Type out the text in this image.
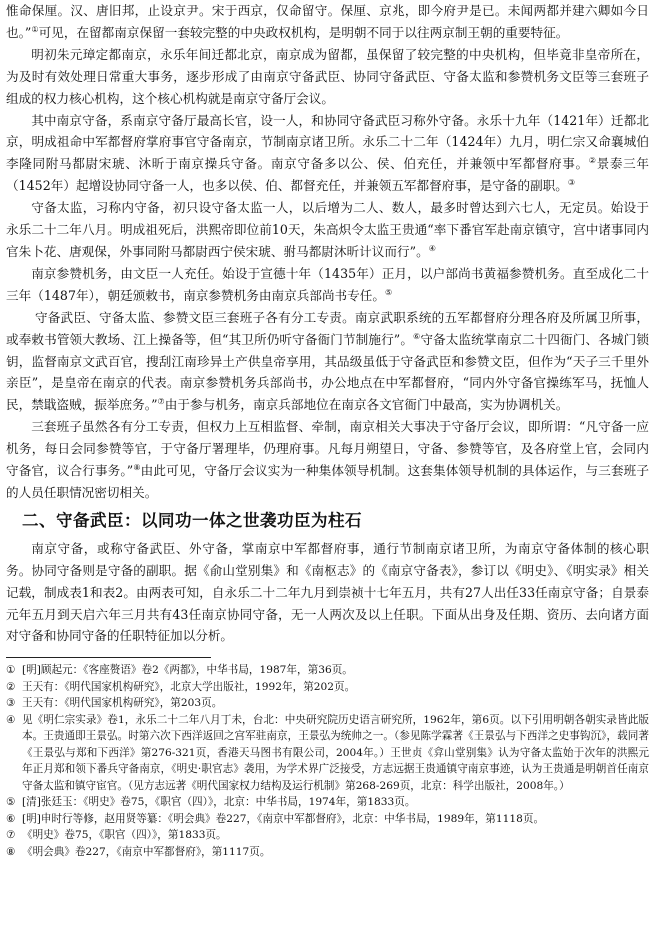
惟命保厘。汉、唐旧邦，止设京尹。宋于西京，仅命留守。保厘、京兆，即今府尹是已。未闻两都并建六卿如今日也。”①可见，在留都南京保留一套较完整的中央政权机构，是明朝不同于以往两京制王朝的重要特征。

明初朱元璋定都南京，永乐年间迁都北京，南京成为留都，虽保留了较完整的中央机构，但毕竟非皇帝所在，为及时有效处理日常重大事务，逐步形成了由南京守备武臣、协同守备武臣、守备太监和参赞机务文臣等三套班子组成的权力核心机构，这个核心机构就是南京守备厅会议。

其中南京守备，系南京守备厅最高长官，设一人，和协同守备武臣习称外守备。永乐十九年（1421年）迁都北京，明成祖命中军都督府掌府事官守备南京，节制南京诸卫所。永乐二十二年（1424年）九月，明仁宗又命襄城伯李隆同附马都尉宋琥、沐昕于南京操兵守备。南京守备多以公、侯、伯充任，并兼领中军都督府事。②景泰三年（1452年）起增设协同守备一人，也多以侯、伯、都督充任，并兼领五军都督府事，是守备的副职。③

守备太监，习称内守备，初只设守备太监一人，以后增为二人、数人，最多时曾达到六七人，无定员。始设于永乐二十二年八月。明成祖死后，洪熙帝即位前10天，朱高炽令太监王贵通“率下番官军赴南京镇守，宫中诸事同内官朱卜花、唐观保，外事同附马都尉西宁侯宋琥、驸马都尉沐昕计议而行”。④

南京参赞机务，由文臣一人充任。始设于宣德十年（1435年）正月，以户部尚书黄福参赞机务。直至成化二十三年（1487年），朝廷颁敕书，南京参赞机务由南京兵部尚书专任。⑤

守备武臣、守备太监、参赞文臣三套班子各有分工专责。南京武职系统的五军都督府分理各府及所属卫所事，或奉敕书管领大教场、江上操备等，但“其卫所仍听守备衙门节制施行”。⑥守备太监统掌南京二十四衙门、各城门锁钥，监督南京文武百官，搜刮江南珍异土产供皇帝享用，其品级虽低于守备武臣和参赞文臣，但作为“天子三千里外亲臣”，是皇帝在南京的代表。南京参赞机务兵部尚书，办公地点在中军都督府，“同内外守备官操练军马，抚恤人民，禁戢盗贼，振举庶务。”⑦由于参与机务，南京兵部地位在南京各文官衙门中最高，实为协调机关。

三套班子虽然各有分工专责，但权力上互相监督、牵制，南京相关大事决于守备厅会议，即所谓：“凡守备一应机务，每日会同参赞等官，于守备厅署理毕，仍理府事。凡每月朔望日，守备、参赞等官，及各府堂上官，会同内守备官，议合行事务。”⑧由此可见，守备厅会议实为一种集体领导机制。这套集体领导机制的具体运作，与三套班子的人员任职情况密切相关。

二、守备武臣：以同功一体之世袭功臣为柱石

南京守备，或称守备武臣、外守备，掌南京中军都督府事，通行节制南京诸卫所，为南京守备体制的核心职务。协同守备则是守备的副职。据《俞山堂别集》和《南枢志》的《南京守备表》，参订以《明史》、《明实录》相关记载，制成表1和表2。由两表可知，自永乐二十二年九月到崇祯十七年五月，共有27人出任33任南京守备；自景泰元年五月到天启六年三月共有43任南京协同守备，无一人两次及以上任职。下面从出身及任期、资历、去向诸方面对守备和协同守备的任职特征加以分析。

① [明]顾起元：《客座赘语》卷2《两都》，中华书局，1987年，第36页。
② 王天有：《明代国家机构研究》，北京大学出版社，1992年，第202页。
③ 王天有：《明代国家机构研究》，第203页。
④ 见《明仁宗实录》卷1，永乐二十二年八月丁未，台北：中央研究院历史语言研究所，1962年，第6页。以下引用明朝各朝实录皆此版本。王贵通即王景弘。时第六次下西洋返回之宫军驻南京，王景弘为统帅之一。（参见陈学霖著《王景弘与下西洋之史事钩沉》，载同著《王景弘与郑和下西洋》第276-321页，香港天马图书有限公司，2004年。）王世贞《弇山堂别集》认为守备太监始于次年的洪熙元年正月郑和领下番兵守备南京，《明史·职官志》袭用，为学术界广泛接受，方志远据王贵通镇守南京事迹，认为王贵通是明朝首任南京守备太监和镇守宦官。（见方志远著《明代国家权力结构及运行机制》第268-269页，北京：科学出版社，2008年。）
⑤ [清]张廷玉：《明史》卷75，《职官（四）》，北京：中华书局，1974年，第1833页。
⑥ [明]申时行等修，赵用贤等纂：《明会典》卷227，《南京中军都督府》，北京：中华书局，1989年，第1118页。
⑦ 《明史》卷75，《职官（四）》，第1833页。
⑧ 《明会典》卷227，《南京中军都督府》，第1117页。
